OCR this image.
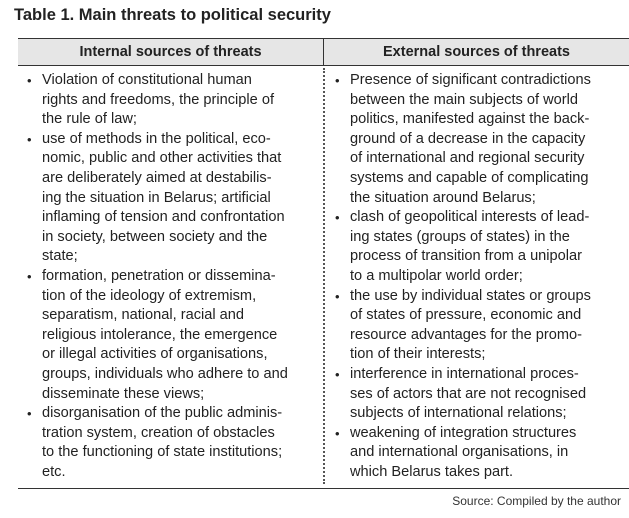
Table 1. Main threats to political security
Internal sources of threats	External sources of threats
• Violation of constitutional human
rights and freedoms, the principle of
the rule of law;
• use of methods in the political, eco-
nomic, public and other activities that
are deliberately aimed at destabilis-
ing the situation in Belarus; artificial
inflaming of tension and confrontation
in society, between society and the
state;
• formation, penetration or dissemina-
tion of the ideology of extremism,
separatism, national, racial and
religious intolerance, the emergence
or illegal activities of organisations,
groups, individuals who adhere to and
disseminate these views;
• disorganisation of the public adminis-
tration system, creation of obstacles
to the functioning of state institutions;
etc.
• Presence of significant contradictions
between the main subjects of world
politics, manifested against the back-
ground of a decrease in the capacity
of international and regional security
systems and capable of complicating
the situation around Belarus;
• clash of geopolitical interests of lead-
ing states (groups of states) in the
process of transition from a unipolar
to a multipolar world order;
• the use by individual states or groups
of states of pressure, economic and
resource advantages for the promo-
tion of their interests;
• interference in international proces-
ses of actors that are not recognised
subjects of international relations;
• weakening of integration structures
and international organisations, in
which Belarus takes part.
Source: Compiled by the author
